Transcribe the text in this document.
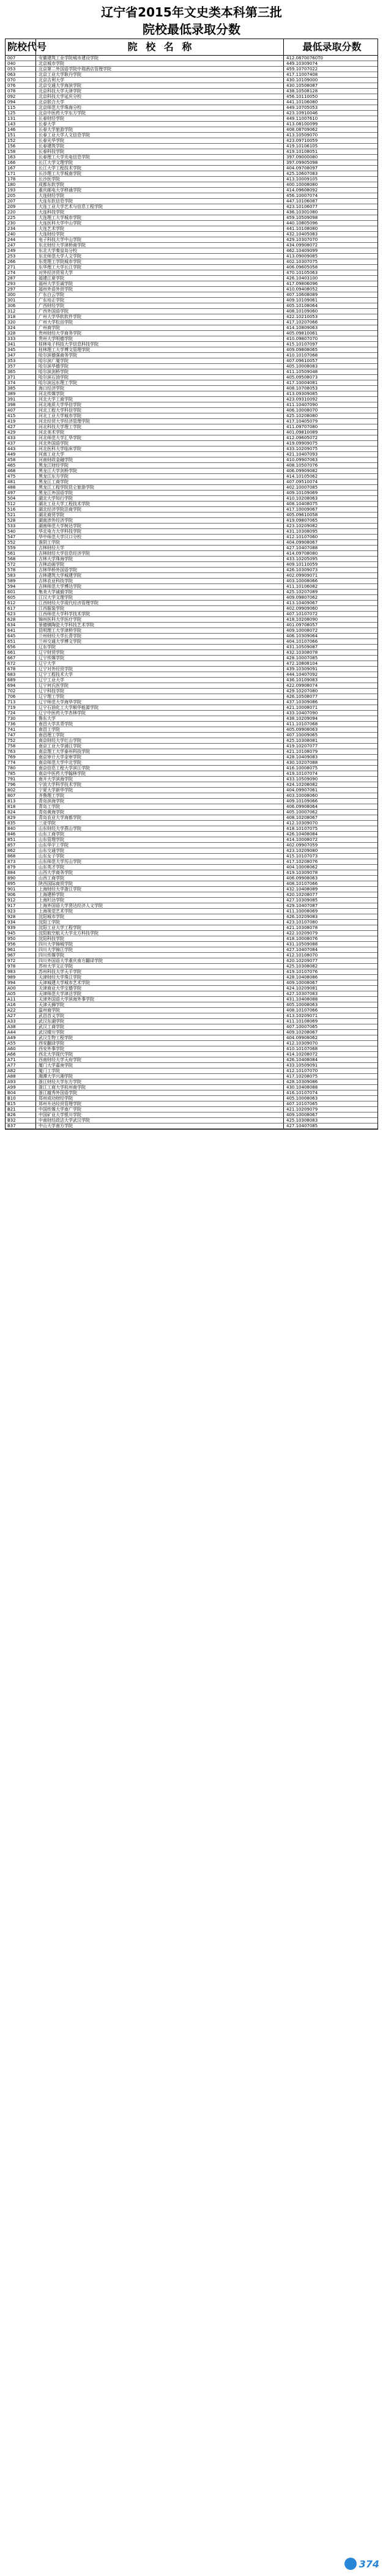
辽宁省2015年文史类本科第三批
院校最低录取分数
院校代号	院 校 名 称	最低录取分数
007	安徽建筑工业学院城市建设学院	412.08700760T0
040	北京城市学院	449.10309074
053	北京第二外国语学院中瑞酒店管理学院	459.10707022
063	北京工业大学耿丹学院	417.11007408
070	北京吉利大学	430.10109000
076	北京交通大学海滨学院	430.10508087
078	北京科技大学天津学院	438.10508128
092	北京科技大学延庆分校	456.10110050
094	北京联合大学	441.10106080
115	北京师范大学珠海分校	449.10705053
125	北京中医药大学东方学院	423.10910046
131	长春财经学院	449.11007610
143	长春大学	413.08100099
146	长春大学旅游学院	408.08709062
151	长春工业大学人文信息学院	413.10509070
152	长春光华学院	423.09710059
156	长春建筑学院	419.10106105
158	长春科技学院	419.10108051
163	长春理工大学光电信息学院	397.09000080
166	长江大学文理学院	397.09905098
167	长江大学工程技术学院	404.09708097
171	长沙理工大学城南学院	425.10607083
178	长沙医学院	413.10009105
180	成都东软学院	400.10008080
193	重庆邮电大学移通学院	414.09608092
205	大连财经学院	456.10007074
207	大连东软信息学院	447.10106087
209	大连工业大学艺术与信息工程学院	423.10106077
220	大连科技学院	436.10301080
225	大连理工大学城市学院	459.10509098
230	大连医科大学中山学院	440.10805096
234	大连艺术学院	441.10108080
240	大连财经学院	432.10405083
244	电子科技大学中山学院	429.10307070
247	东北财经大学津桥商学院	434.09908072
249	东北大学秦皇岛分校	462.10409099
253	东北师范大学人文学院	413.09009085
266	东莞理工学院城市学院	402.10307075
271	东华理工大学长江学院	406.09605058
274	对外经济贸易大学	470.10105063
287	福建江夏学院	426.10403100
293	福州大学至诚学院	417.09806096
297	福州外语外贸学院	410.09408052
300	广东白云学院	407.10608089
301	广东培正学院	409.10109061
306	广西财经学院	405.10108064
312	广西外国语学院	408.10109060
318	广州大学华软软件学院	422.10210053
320	广州大学松田学院	417.10207066
324	广州商学院	414.10809063
328	贵州财经大学商务学院	405.09810061
333	贵州大学明德学院	410.09807070
341	桂林电子科技大学信息科技学院	415.10107097
345	桂林理工大学博文管理学院	409.09808065
347	哈尔滨德强商务学院	410.10107068
353	哈尔滨广厦学院	407.09610057
357	哈尔滨华德学院	405.10008083
365	哈尔滨剑桥学院	411.10509048
371	哈尔滨石油学院	405.09508073
374	哈尔滨远东理工学院	417.10004081
385	海口经济学院	408.10708053
389	河北传媒学院	413.09309085
391	河北大学工商学院	423.09310092
398	河北地质大学华信学院	411.10407090
407	河北工程大学科信学院	406.10008070
415	河北工业大学城市学院	425.10208080
419	河北经贸大学经济管理学院	417.10405079
427	河北科技大学理工学院	411.09707080
429	河北美术学院	401.09810089
433	河北师范大学汇华学院	412.09605072
437	河北外国语学院	419.09909075
443	河北医科大学临床学院	433.10209075
449	河南工业大学	421.10407093
458	河南财政金融学院	410.09907063
465	黑龙江财经学院	408.10507076
468	黑龙江大学剑桥学院	406.09909082
475	黑龙江东方学院	414.10105062
481	黑龙江工商学院	407.09510074
488	黑龙江工程学院昆仑旅游学院	402.10007085
497	黑龙江外国语学院	409.10109069
504	湖北大学知行学院	410.10208063
512	湖北工业大学工程技术学院	408.10408075
516	湖北经济学院法商学院	417.10009067
521	湖北商贸学院	405.09610058
528	湖南涉外经济学院	419.09807065
533	湖南师范大学树达学院	423.10209082
540	华北电力大学科技学院	431.10308095
547	华中师范大学汉口分校	412.10107060
552	淮阴工学院	404.09908067
559	吉林财经大学	427.10407088
561	吉林财经大学信息经济学院	414.09708080
568	吉林大学珠海学院	433.10205095
572	吉林动画学院	409.10110059
578	吉林华桥外国语学院	426.10309073
583	吉林建筑大学城建学院	402.09909071
589	吉林农业科技学院	403.10008066
594	吉林师范大学博达学院	411.10106082
601	集美大学诚毅学院	425.10207089
605	江汉大学文理学院	409.09807062
612	江西财经大学现代经济管理学院	413.10409067
617	江西服装学院	402.09909060
623	江西师范大学科学技术学院	407.10107072
628	锦州医科大学医疗学院	418.10208090
634	景德镇陶瓷大学科技艺术学院	401.09708057
641	昆明理工大学津桥学院	409.10008072
645	兰州财经大学长青学院	406.10309064
651	兰州交通大学博文学院	404.10107066
656	辽东学院	431.10509087
661	辽宁财贸学院	432.10308078
667	辽宁传媒学院	428.10007085
672	辽宁大学	472.10808104
678	辽宁对外经贸学院	439.10309091
683	辽宁工程技术大学	444.10407092
689	辽宁工业大学	436.10109083
694	辽宁何氏医学院	422.09908074
702	辽宁科技学院	429.10207080
706	辽宁理工学院	426.10508077
713	辽宁师范大学海华学院	437.10309086
719	辽宁石油化工大学顺华能源学院	421.10008071
724	辽宁中医药大学杏林学院	433.10407090
730	鲁东大学	438.10209094
736	南昌大学共青学院	411.10107068
741	南昌工学院	405.09908063
747	南昌理工学院	407.10009065
752	南京财经大学红山学院	425.10308081
758	南京工业大学浦江学院	419.10207077
763	南京理工大学泰州科技学院	421.10108079
769	南京审计大学金审学院	428.10409083
774	南京师范大学中北学院	430.10207088
780	南京信息工程大学滨江学院	416.10008075
785	南京中医药大学翰林学院	419.10107074
791	南开大学滨海学院	433.10509090
796	宁波大学科学技术学院	424.10208082
802	宁夏大学新华学院	404.09907061
807	齐鲁理工学院	403.10008060
813	青岛滨海学院	409.10109066
818	青岛工学院	406.09908064
824	青岛黄海学院	405.10007062
829	青岛农业大学海都学院	408.10208067
835	三亚学院	412.10309070
840	山东财经大学燕山学院	418.10107075
846	山东工商学院	426.10408084
851	山东管理学院	414.10008072
857	山东华宇工学院	402.09907059
862	山东交通学院	423.10209080
868	山东女子学院	415.10107073
873	山东师范大学历山学院	417.10208076
879	山东英才学院	404.10008062
884	山西大学商务学院	419.10309078
890	山西工商学院	406.09908063
895	陕西国际商贸学院	408.10107066
901	上海财经大学浙江学院	432.10408089
906	上海建桥学院	420.10208077
912	上海杉达学院	427.10309085
917	上海外国语大学贤达经济人文学院	429.10407087
923	上海视觉艺术学院	411.10008069
928	沈阳城市学院	426.10209083
934	沈阳工学院	423.10107080
939	沈阳工业大学工程学院	421.10308078
945	沈阳航空航天大学北方科技学院	422.10209079
950	沈阳科技学院	418.10008076
956	四川大学锦城学院	431.10509088
961	四川大学锦江学院	427.10407084
967	四川传媒学院	412.10108070
972	四川外国语大学重庆南方翻译学院	420.10209077
978	苏州大学文正学院	425.10308082
983	苏州科技大学天平学院	419.10107076
989	天津财经大学珠江学院	428.10408086
994	天津城建大学城市艺术学院	409.10008067
A00	天津商业大学宝德学院	424.10209081
A05	天津师范大学津沽学院	427.10307083
A11	天津外国语大学滨海外事学院	431.10408088
A16	天津天狮学院	405.10008063
A22	温州商学院	408.10107066
A27	武昌首义学院	413.10209071
A33	武汉东湖学院	411.10108069
A38	武汉工商学院	407.10007065
A44	武汉晴川学院	409.10208067
A49	武汉生物工程学院	404.09908062
A55	西安翻译学院	412.10309070
A60	西安外事学院	410.10107068
A66	西北大学现代学院	414.10208072
A71	西南财经大学天府学院	426.10408084
A77	厦门大学嘉庚学院	433.10509091
A82	厦门工学院	412.10107070
A88	湘潭大学兴湘学院	417.10208075
A93	浙江财经大学东方学院	428.10309086
A99	浙江工商大学杭州商学院	430.10408088
B04	浙江越秀外国语学院	416.10107074
B10	郑州成功财经学院	405.10008063
B15	郑州升达经贸管理学院	407.10107065
B21	中国传媒大学南广学院	421.10209079
B26	中国矿业大学银川学院	409.10008067
B32	中南财经政法大学武汉学院	425.10308083
B37	中山大学南方学院	427.10407085
374
